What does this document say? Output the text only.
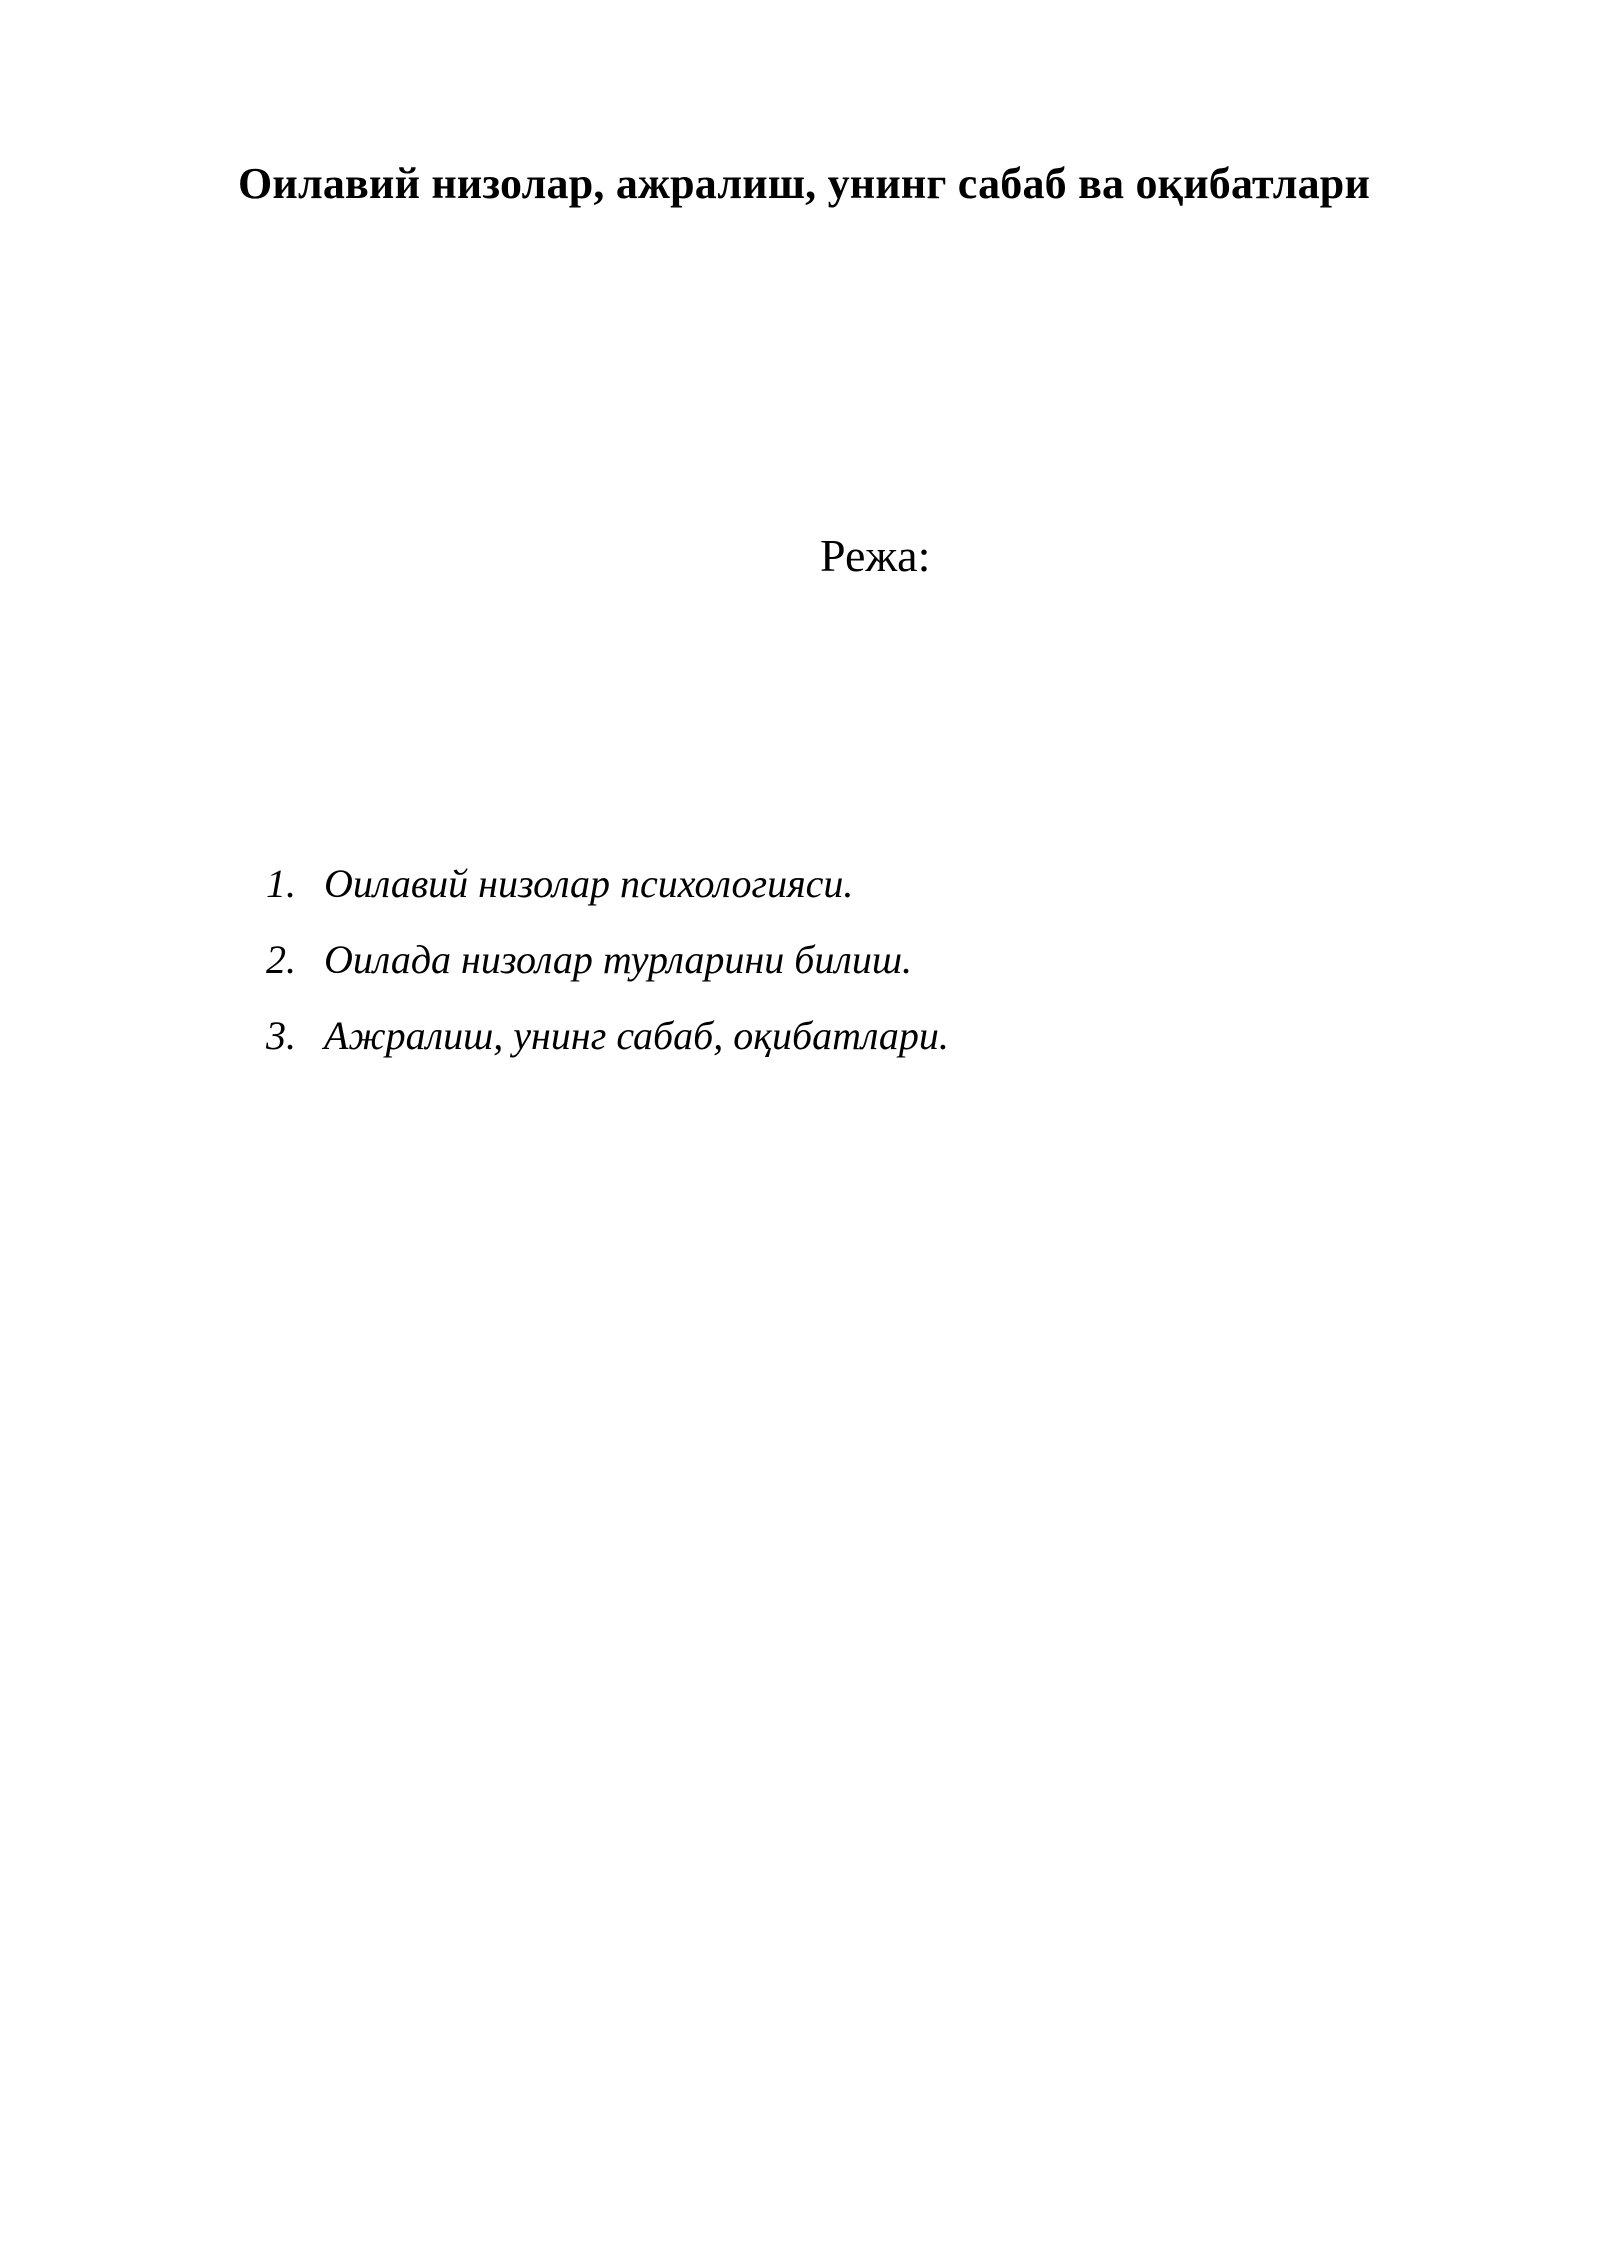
Оилавий низолар, ажралиш, унинг сабаб ва оқибатлари
Режа:
1. Оилавий низолар психологияси.
2. Оилада низолар турларини билиш.
3. Ажралиш, унинг сабаб, оқибатлари.
